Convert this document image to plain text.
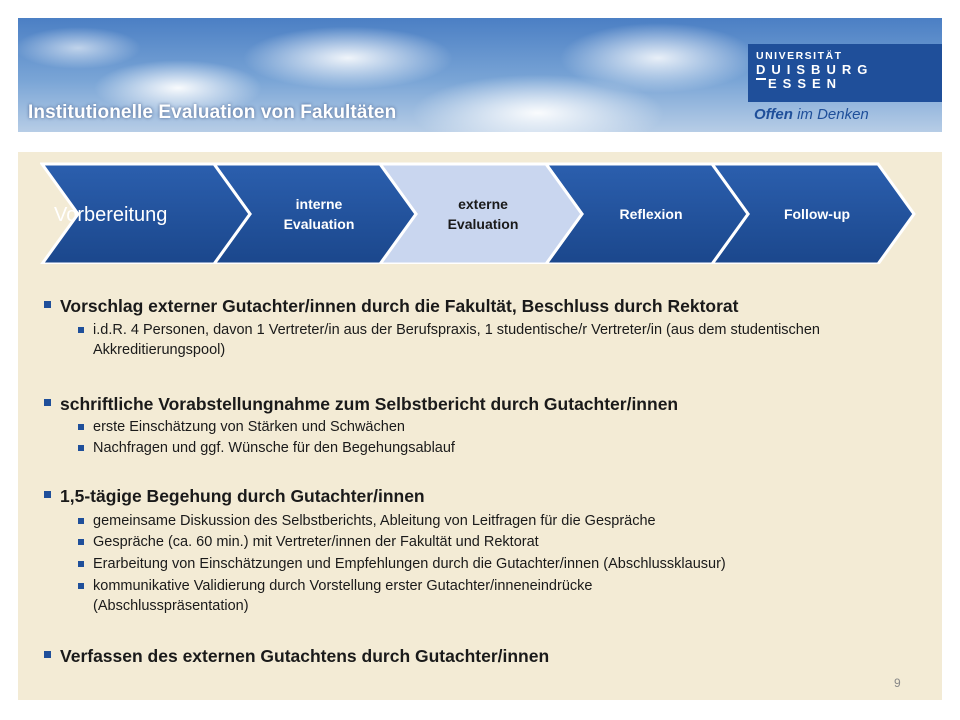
Institutionelle Evaluation von Fakultäten
UNIVERSITÄT
DUISBURG
ESSEN
Offen im Denken
Vorbereitung	interne
Evaluation
externe
Evaluation
Reflexion	Follow-up
Vorschlag externer Gutachter/innen durch die Fakultät, Beschluss durch Rektorat
i.d.R. 4 Personen, davon 1 Vertreter/in aus der Berufspraxis, 1 studentische/r Vertreter/in (aus dem studentischen Akkreditierungspool)
schriftliche Vorabstellungnahme zum Selbstbericht durch Gutachter/innen
erste Einschätzung von Stärken und Schwächen
Nachfragen und ggf. Wünsche für den Begehungsablauf
1,5-tägige Begehung durch Gutachter/innen
gemeinsame Diskussion des Selbstberichts, Ableitung von Leitfragen für die Gespräche
Gespräche (ca. 60 min.) mit Vertreter/innen der Fakultät und Rektorat
Erarbeitung von Einschätzungen und Empfehlungen durch die Gutachter/innen (Abschlussklausur)
kommunikative Validierung durch Vorstellung erster Gutachter/inneneindrücke (Abschlusspräsentation)
Verfassen des externen Gutachtens durch Gutachter/innen
9
